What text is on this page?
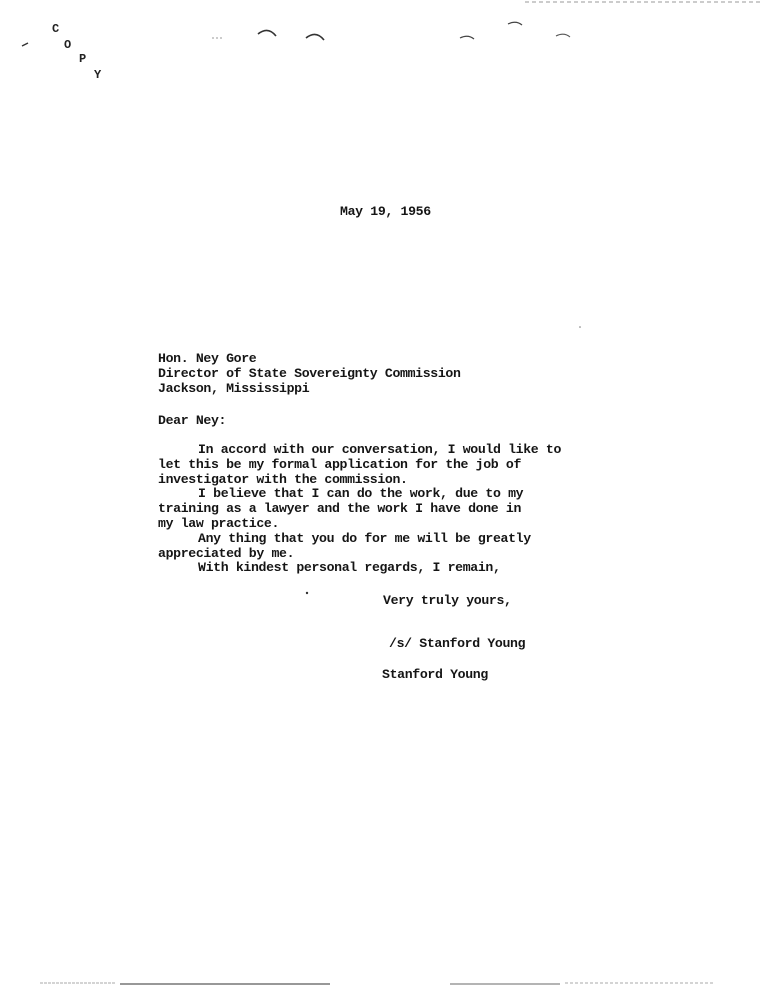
C
O
P
Y
May 19, 1956
Hon. Ney Gore
Director of State Sovereignty Commission
Jackson, Mississippi
Dear Ney:
In accord with our conversation, I would like to
let this be my formal application for the job of
investigator with the commission.
I believe that I can do the work, due to my
training as a lawyer and the work I have done in
my law practice.
Any thing that you do for me will be greatly
appreciated by me.
With kindest personal regards, I remain,
Very truly yours,
/s/ Stanford Young
Stanford Young
